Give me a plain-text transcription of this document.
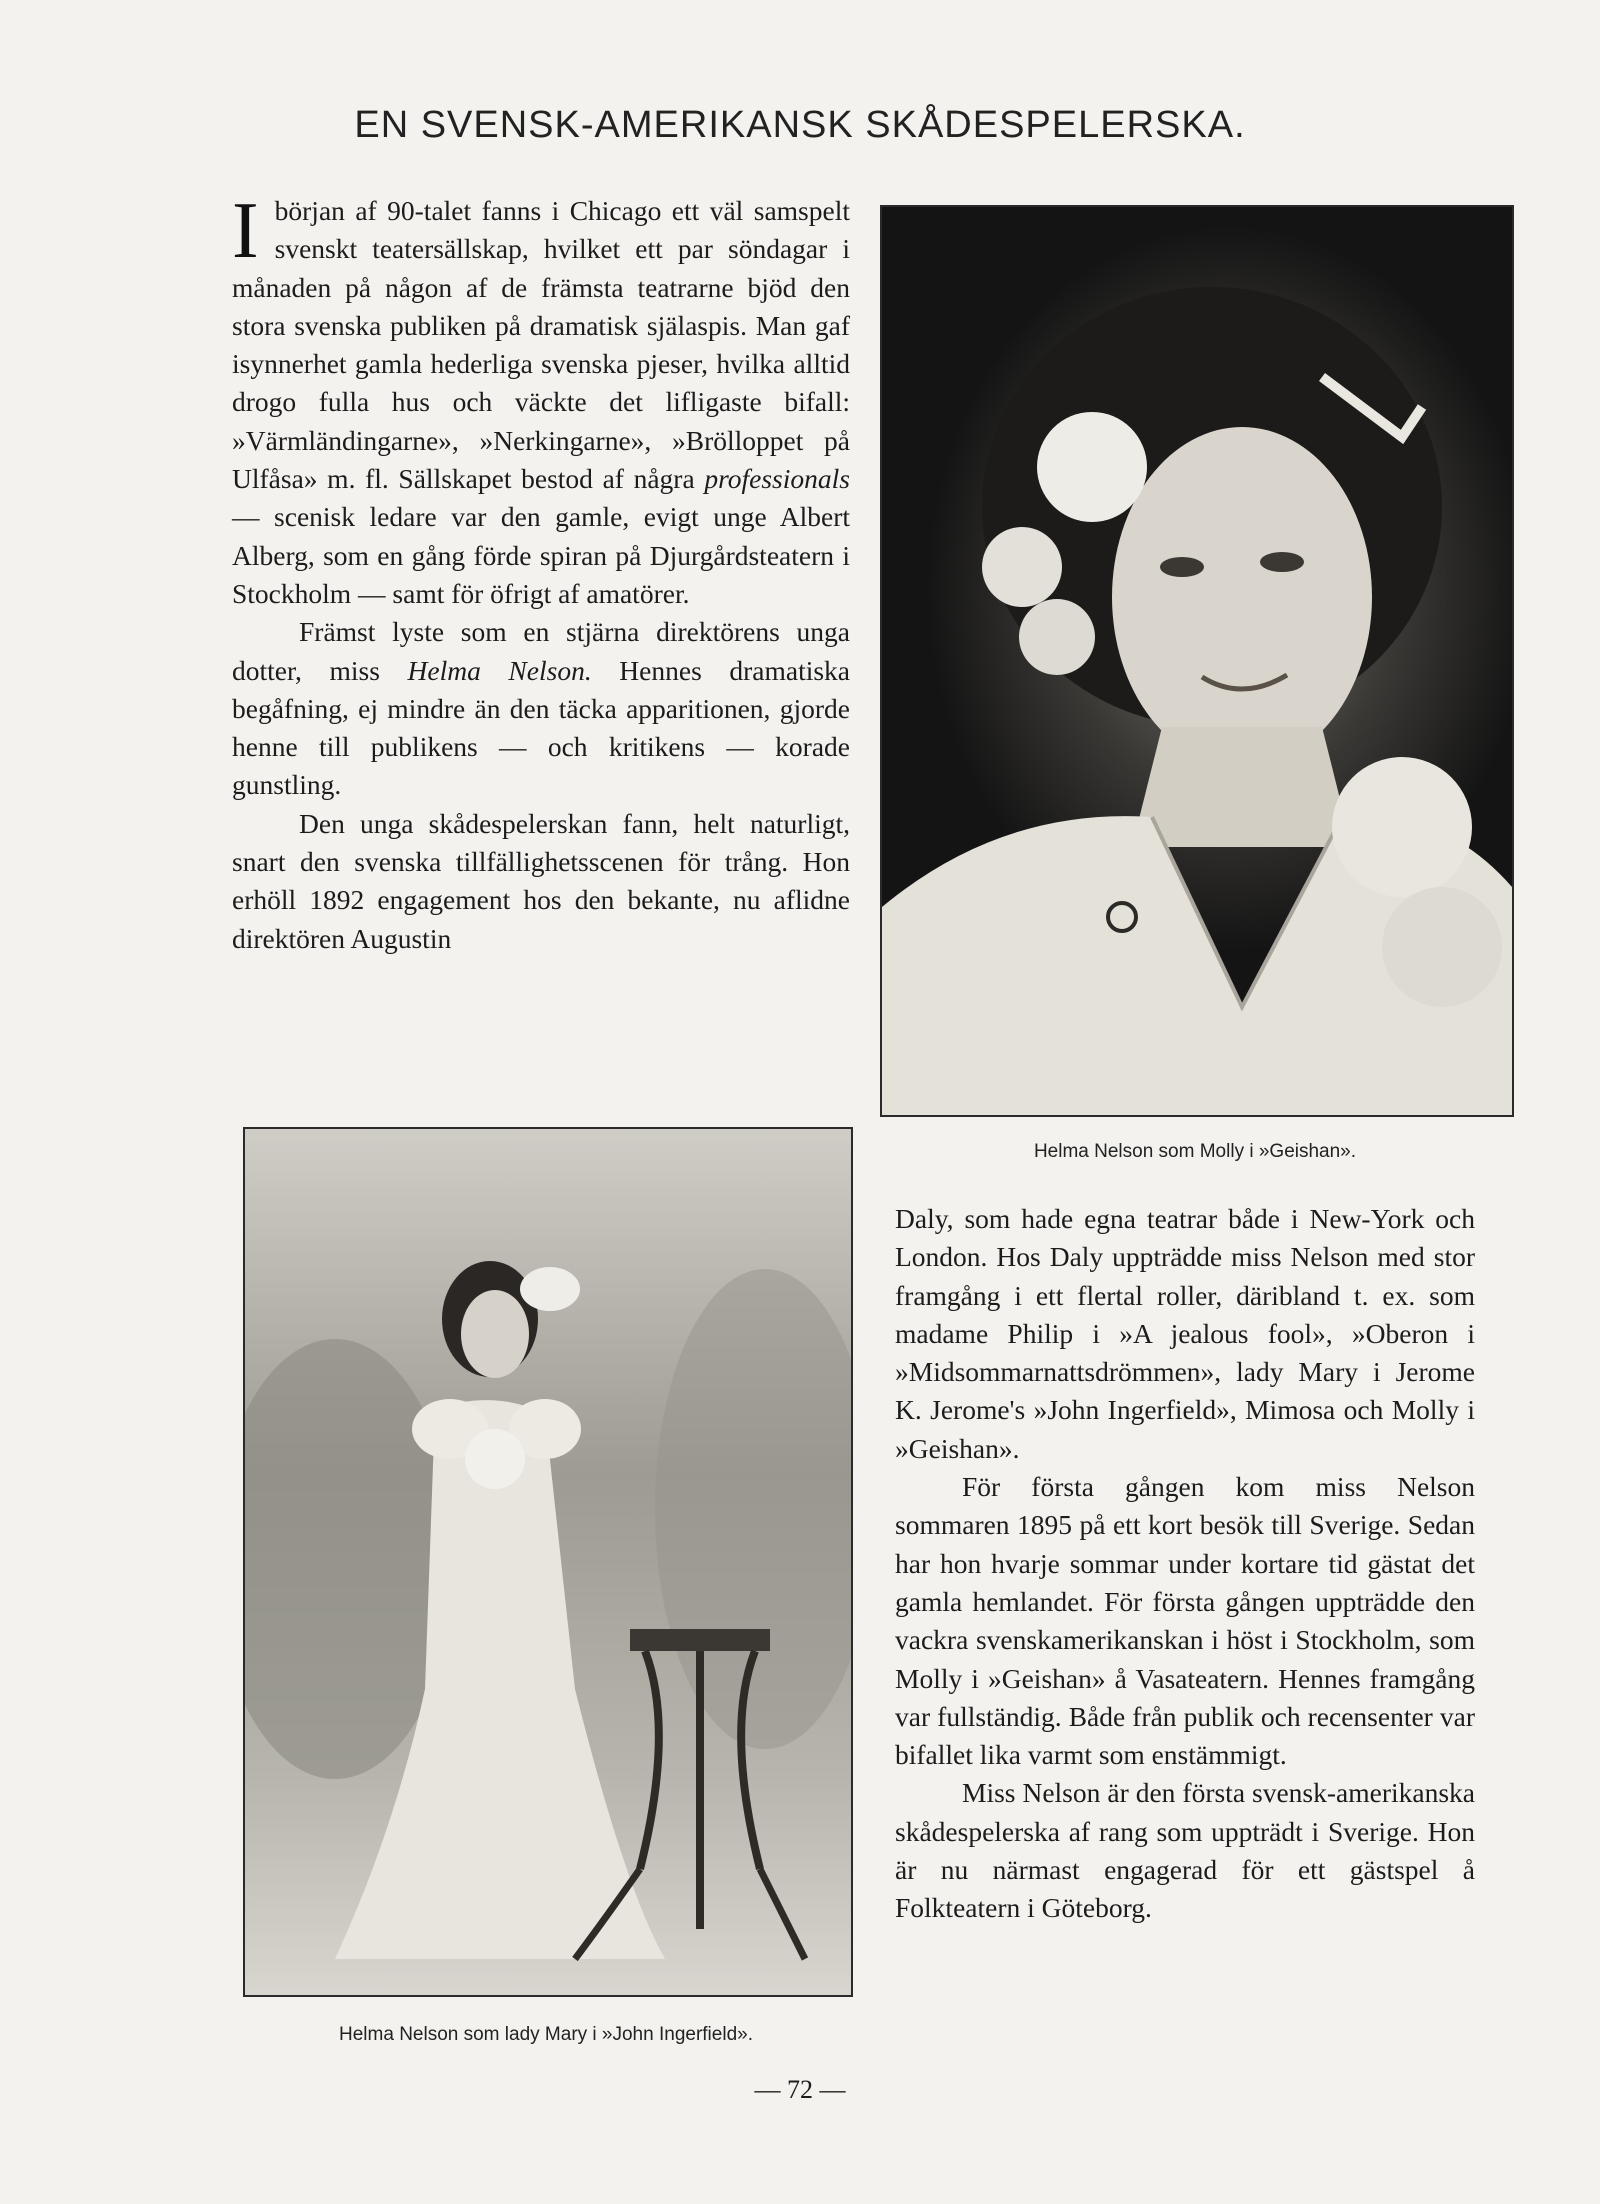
EN SVENSK-AMERIKANSK SKÅDESPELERSKA.

Ibörjan af 90-talet fanns i Chicago ett väl samspelt svenskt teatersällskap, hvilket ett par söndagar i månaden på någon af de främsta teatrarne bjöd den stora svenska publiken på dramatisk själaspis. Man gaf isynnerhet gamla hederliga svenska pjeser, hvilka alltid drogo fulla hus och väckte det lifligaste bifall: »Värmländingarne», »Nerkingarne», »Brölloppet på Ulfåsa» m. fl. Sällskapet bestod af några professionals — scenisk ledare var den gamle, evigt unge Albert Alberg, som en gång förde spiran på Djurgårdsteatern i Stockholm — samt för öfrigt af amatörer.

Främst lyste som en stjärna direktörens unga dotter, miss Helma Nelson. Hennes dramatiska begåfning, ej mindre än den täcka apparitionen, gjorde henne till publikens — och kritikens — korade gunstling.

Den unga skådespelerskan fann, helt naturligt, snart den svenska tillfällighetsscenen för trång. Hon erhöll 1892 engagement hos den bekante, nu aflidne direktören Augustin

Helma Nelson som Molly i »Geishan».
Helma Nelson som lady Mary i »John Ingerfield».

Daly, som hade egna teatrar både i New-York och London. Hos Daly uppträdde miss Nelson med stor framgång i ett flertal roller, däribland t. ex. som madame Philip i »A jealous fool», »Oberon i »Midsommarnattsdrömmen», lady Mary i Jerome K. Jerome's »John Ingerfield», Mimosa och Molly i »Geishan».

För första gången kom miss Nelson sommaren 1895 på ett kort besök till Sverige. Sedan har hon hvarje sommar under kortare tid gästat det gamla hemlandet. För första gången uppträdde den vackra svenskamerikanskan i höst i Stockholm, som Molly i »Geishan» å Vasateatern. Hennes framgång var fullständig. Både från publik och recensenter var bifallet lika varmt som enstämmigt.

Miss Nelson är den första svensk-amerikanska skådespelerska af rang som uppträdt i Sverige. Hon är nu närmast engagerad för ett gästspel å Folkteatern i Göteborg.

— 72 —
